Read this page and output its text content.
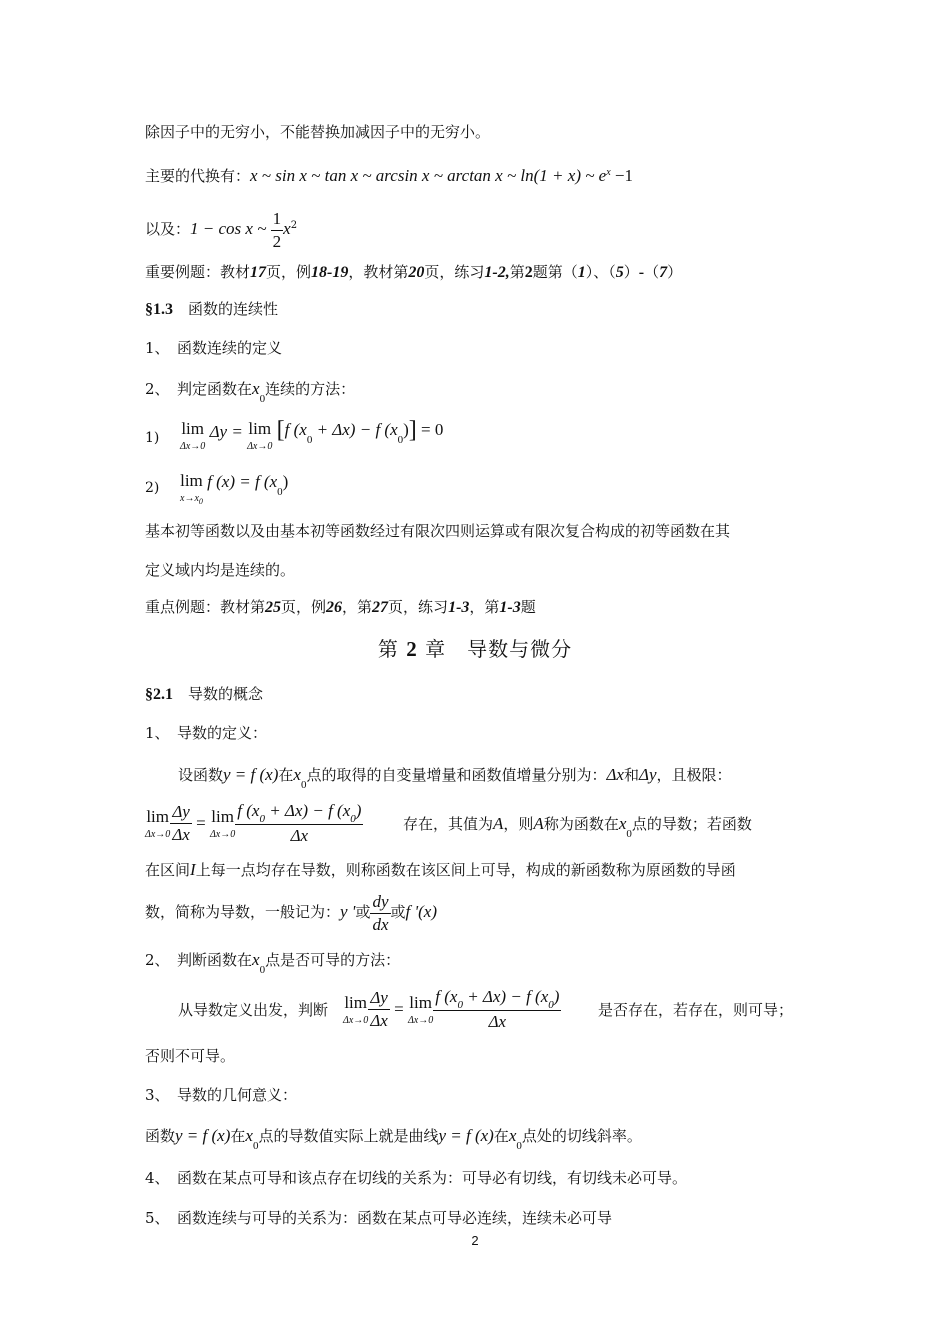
除因子中的无穷小，不能替换加减因子中的无穷小。
主要的代换有：x ~ sin x ~ tan x ~ arcsin x ~ arctan x ~ ln(1 + x) ~ $e^x -1$
以及：1 − cos x ~ $\frac{1}{2} x^2$
重要例题：教材17页，例18-19，教材第20页，练习1-2,第2题第（1）、（5）-（7）
§1.3　 函数的连续性
1、　函数连续的定义
2、　判定函数在$x_0$连续的方法：
1) lim
Δx→0
Δy = lim
Δx→0
[f $(x_0 + \Delta x) - f$ $(x_0)] = 0$
2) lim
$x\to x_0$
f (x) = f $(x_0)$
基本初等函数以及由基本初等函数经过有限次四则运算或有限次复合构成的初等函数在其
定义域内均是连续的。
重点例题：教材第25页，例26，第27页，练习1-3，第1-3题
第 2 章　导数与微分
§2.1　 导数的概念
1、　导数的定义：
设函数y = f (x)在$x_0$点的取得的自变量增量和函数值增量分别为：Δx和Δy，且极限：
lim
$\Delta x\to 0 \frac{\Delta y}{\Delta x} = \lim$
$\Delta x\to 0 \frac{f (x_0 + \Delta x) - f (x_0)}{\Delta x}$	存在，其值为A，则A称为函数在$x_0$点的导数；若函数
在区间I上每一点均存在导数，则称函数在该区间上可导，构成的新函数称为原函数的导函
数，简称为导数，一般记为：y '或 $\frac{dy}{dx}$ 或f '(x)
2、　判断函数在$x_0$点是否可导的方法：
从导数定义出发，判断 lim
$\Delta x\to 0 \frac{\Delta y}{\Delta x} = \lim$
$\Delta x\to 0 \frac{f (x_0 + \Delta x) - f (x_0)}{\Delta x}$ 是否存在，若存在，则可导；
否则不可导。
3、　导数的几何意义：
函数y = f (x)在$x_0$点的导数值实际上就是曲线y = f (x)在$x_0$点处的切线斜率。
4、　函数在某点可导和该点存在切线的关系为：可导必有切线，有切线未必可导。
5、　函数连续与可导的关系为：函数在某点可导必连续，连续未必可导
2
